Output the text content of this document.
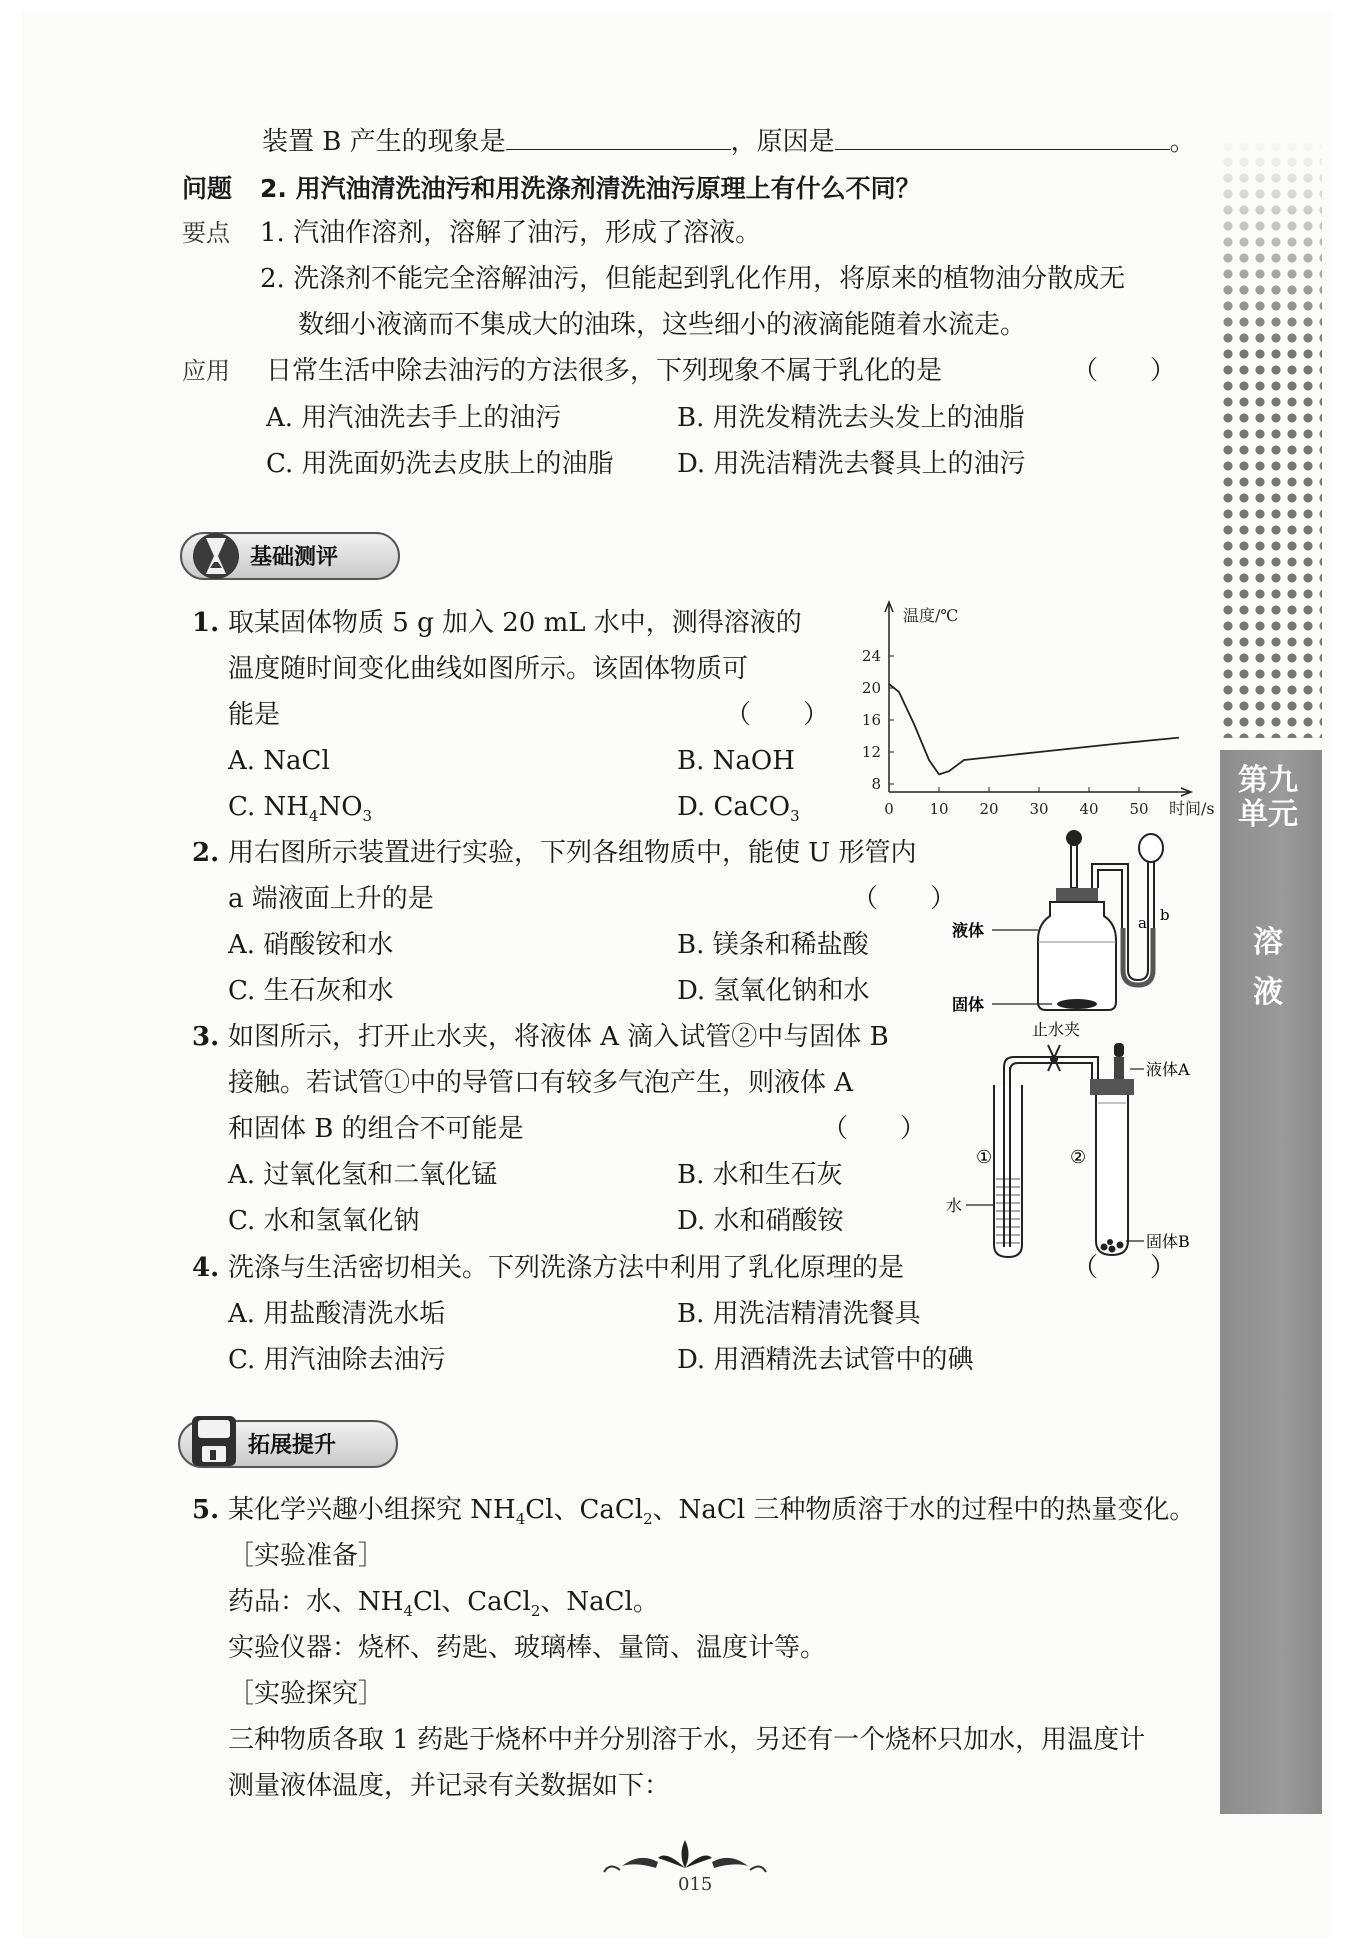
装置 B 产生的现象是	，原因是	。
问题 2. 用汽油清洗油污和用洗涤剂清洗油污原理上有什么不同？
要点 1. 汽油作溶剂，溶解了油污，形成了溶液。
2. 洗涤剂不能完全溶解油污，但能起到乳化作用，将原来的植物油分散成无
数细小液滴而不集成大的油珠，这些细小的液滴能随着水流走。
应用 日常生活中除去油污的方法很多，下列现象不属于乳化的是	（　　）
A. 用汽油洗去手上的油污	B. 用洗发精洗去头发上的油脂
C. 用洗面奶洗去皮肤上的油脂 D. 用洗洁精洗去餐具上的油污
基础测评
1. 取某固体物质 5 g 加入 20 mL 水中，测得溶液的
温度随时间变化曲线如图所示。该固体物质可
能是	（　　）
A. NaCl	B. NaOH
C. $NH_4NO_3$	D. CaCO$_3$
8
12
16
20
24
0 10 20 30 40 50
温度/℃
时间/s
2. 用右图所示装置进行实验，下列各组物质中，能使 U 形管内
a 端液面上升的是	（　　）
A. 硝酸铵和水	B. 镁条和稀盐酸
C. 生石灰和水	D. 氢氧化钠和水
a b
液体
固体
3. 如图所示，打开止水夹，将液体 A 滴入试管②中与固体 B
接触。若试管①中的导管口有较多气泡产生，则液体 A
和固体 B 的组合不可能是	（　　）
A. 过氧化氢和二氧化锰	B. 水和生石灰
C. 水和氢氧化钠	D. 水和硝酸铵
止水夹
①
水
②
液体A
固体B
4. 洗涤与生活密切相关。下列洗涤方法中利用了乳化原理的是	（　　）
A. 用盐酸清洗水垢	B. 用洗洁精清洗餐具
C. 用汽油除去油污	D. 用酒精洗去试管中的碘
拓展提升
5. 某化学兴趣小组探究 $NH_4Cl$、CaCl$_2$、NaCl 三种物质溶于水的过程中的热量变化。
［实验准备］
药品：水、$NH_4Cl$、CaCl$_2$、NaCl。
实验仪器：烧杯、药匙、玻璃棒、量筒、温度计等。
［实验探究］
三种物质各取 1 药匙于烧杯中并分别溶于水，另还有一个烧杯只加水，用温度计
测量液体温度，并记录有关数据如下：
第九单元
溶
液
015
